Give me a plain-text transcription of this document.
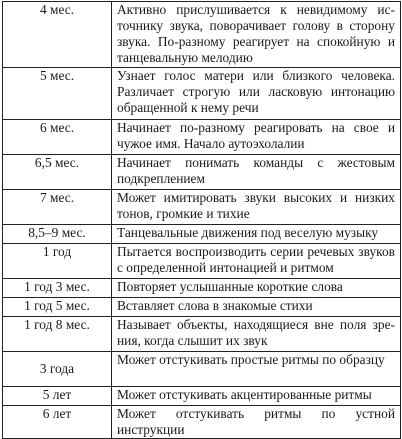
4 мес.	Активно прислушивается к невидимому источнику звука, поворачивает голову в сторону звука. По-разному реагирует на спокойную и танцевальную мелодию
5 мес.	Узнает голос матери или близкого человека. Различает строгую или ласковую интонацию обращенной к нему речи
6 мес.	Начинает по-разному реагировать на свое и чужое имя. Начало аутоэхолалии
6,5 мес.	Начинает понимать команды с жестовым подкреплением
7 мес.	Может имитировать звуки высоких и низких тонов, громкие и тихие
8,5–9 мес.	Танцевальные движения под веселую музыку
1 год	Пытается воспроизводить серии речевых звуков с определенной интонацией и ритмом
1 год 3 мес.	Повторяет услышанные короткие слова
1 год 5 мес.	Вставляет слова в знакомые стихи
1 год 8 мес.	Называет объекты, находящиеся вне поля зрения, когда слышит их звук
3 года	Может отстукивать простые ритмы по образцу
5 лет	Может отстукивать акцентированные ритмы
6 лет	Может отстукивать ритмы по устной инструкции
